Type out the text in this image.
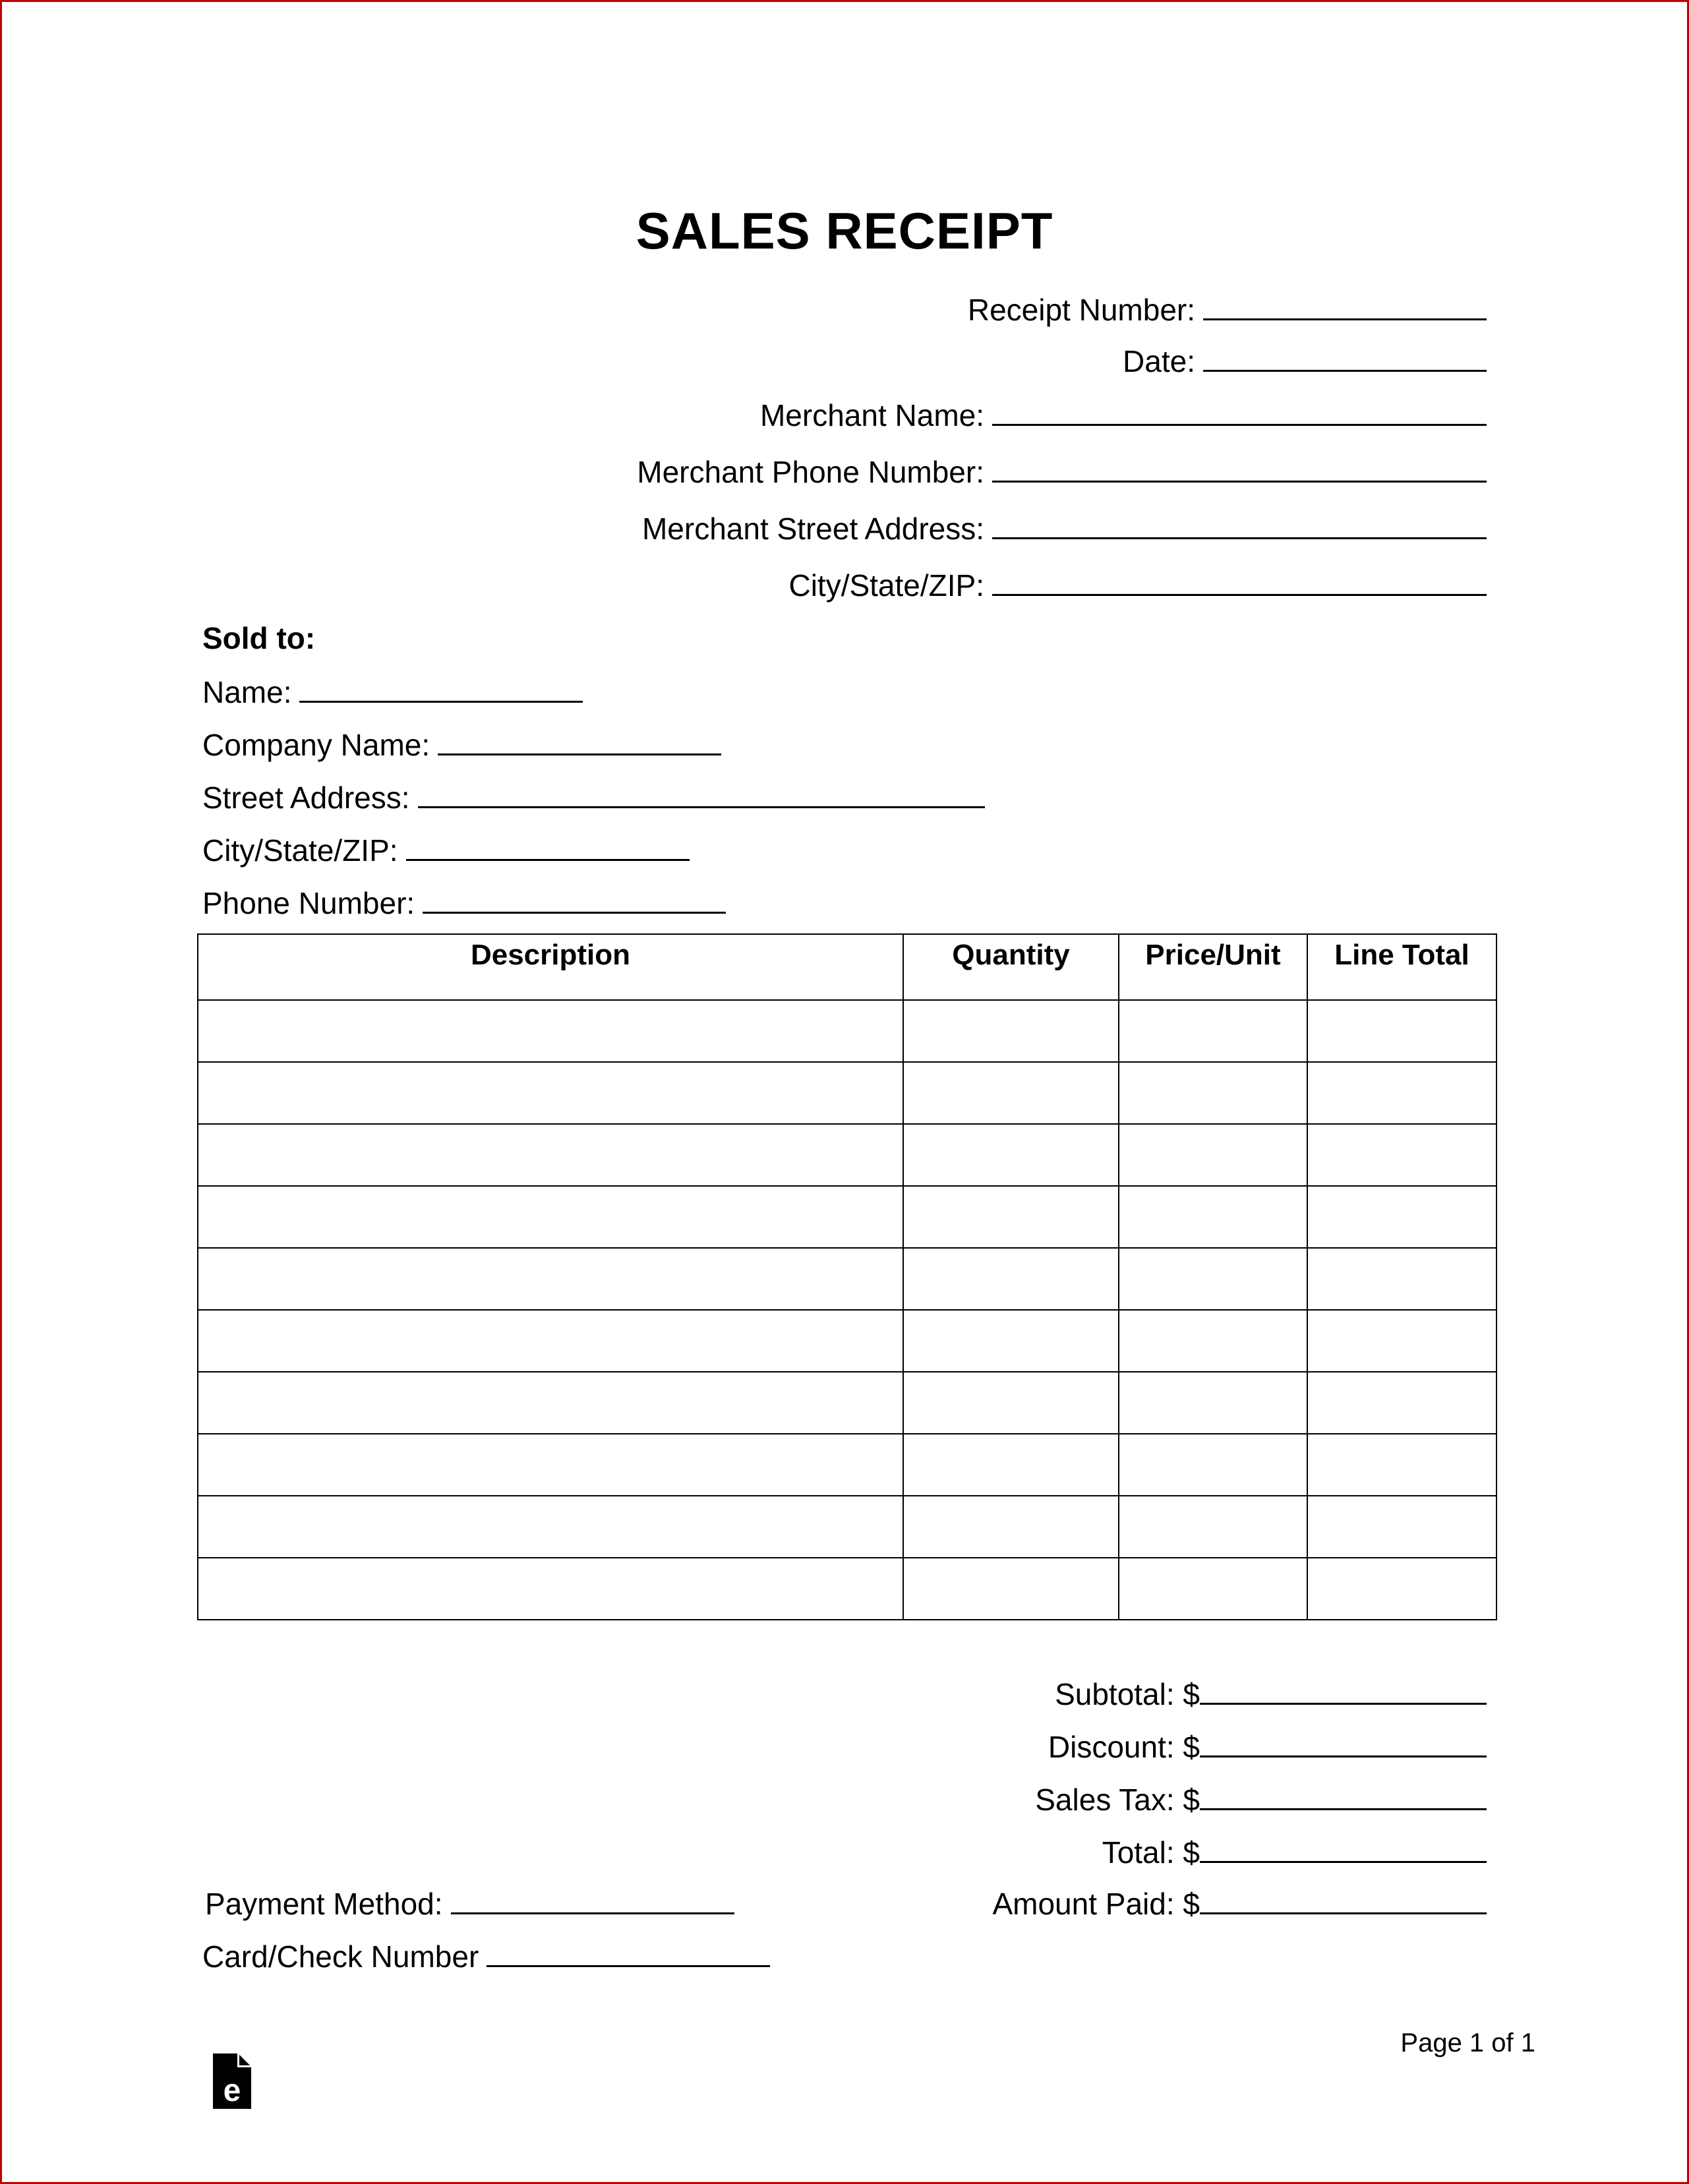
SALES RECEIPT
Receipt Number:
Date:
Merchant Name:
Merchant Phone Number:
Merchant Street Address:
City/State/ZIP:
Sold to:
Name:
Company Name:
Street Address:
City/State/ZIP:
Phone Number:
Description	Quantity	Price/Unit	Line Total

Subtotal: $
Discount: $
Sales Tax: $
Total: $
Amount Paid: $
Payment Method:
Card/Check Number
Page 1 of 1
e
